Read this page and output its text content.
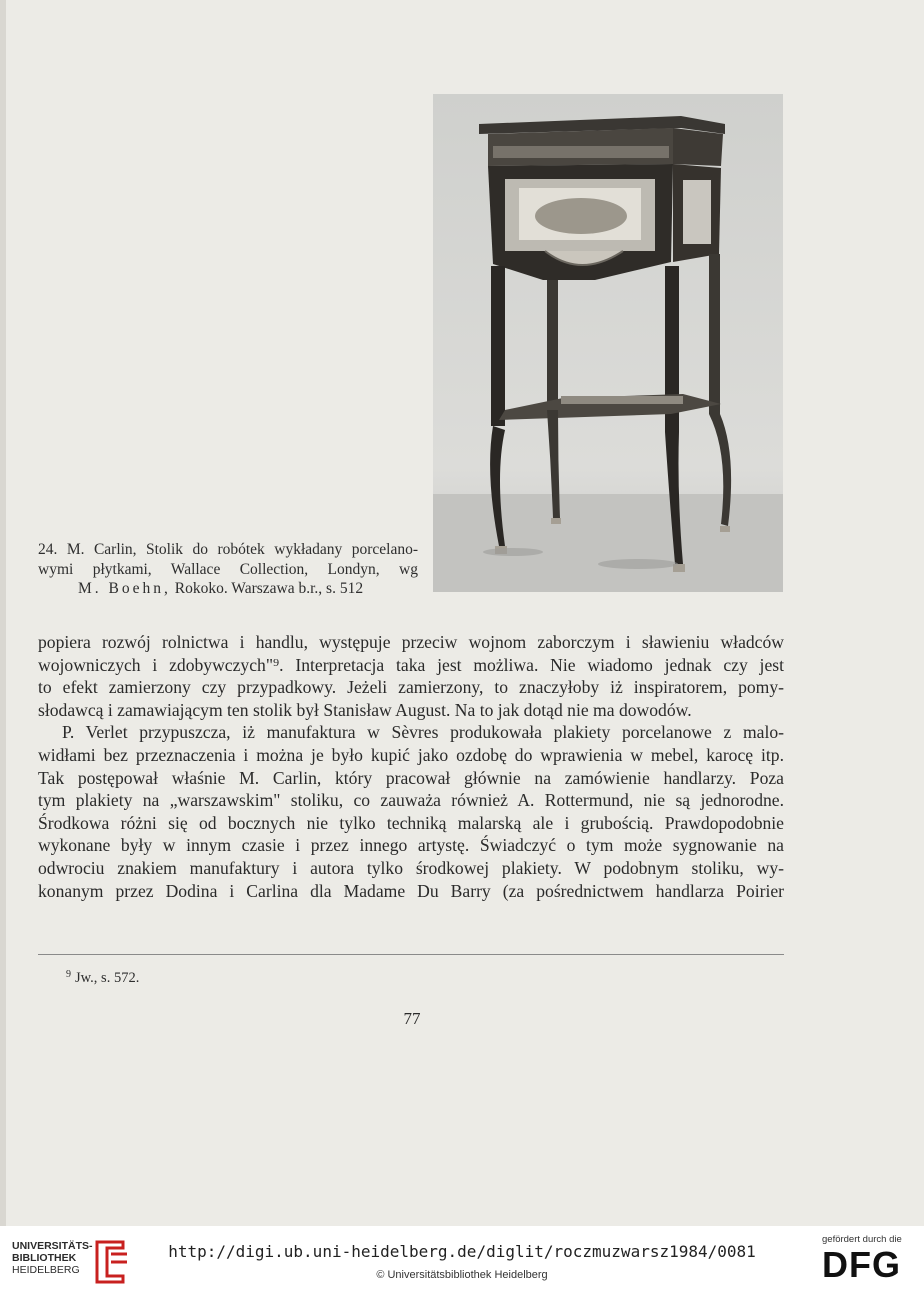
24. M. Carlin, Stolik do robótek wykładany porcelano-
wymi płytkami, Wallace Collection, Londyn, wg
M. Boehn, Rokoko. Warszawa b.r., s. 512
popiera rozwój rolnictwa i handlu, występuje przeciw wojnom zaborczym i sławieniu władców
wojowniczych i zdobywczych"⁹. Interpretacja taka jest możliwa. Nie wiadomo jednak czy jest
to efekt zamierzony czy przypadkowy. Jeżeli zamierzony, to znaczyłoby iż inspiratorem, pomy-
słodawcą i zamawiającym ten stolik był Stanisław August. Na to jak dotąd nie ma dowodów.
P. Verlet przypuszcza, iż manufaktura w Sèvres produkowała plakiety porcelanowe z malo-
widłami bez przeznaczenia i można je było kupić jako ozdobę do wprawienia w mebel, karocę itp.
Tak postępował właśnie M. Carlin, który pracował głównie na zamówienie handlarzy. Poza
tym plakiety na „warszawskim" stoliku, co zauważa również A. Rottermund, nie są jednorodne.
Środkowa różni się od bocznych nie tylko techniką malarską ale i grubością. Prawdopodobnie
wykonane były w innym czasie i przez innego artystę. Świadczyć o tym może sygnowanie na
odwrociu znakiem manufaktury i autora tylko środkowej plakiety. W podobnym stoliku, wy-
konanym przez Dodina i Carlina dla Madame Du Barry (za pośrednictwem handlarza Poirier
$^9$ Jw., s. 572.
77
UNIVERSITÄTS-
BIBLIOTHEK
HEIDELBERG
http://digi.ub.uni-heidelberg.de/diglit/roczmuzwarsz1984/0081
© Universitätsbibliothek Heidelberg
gefördert durch die
DFG
